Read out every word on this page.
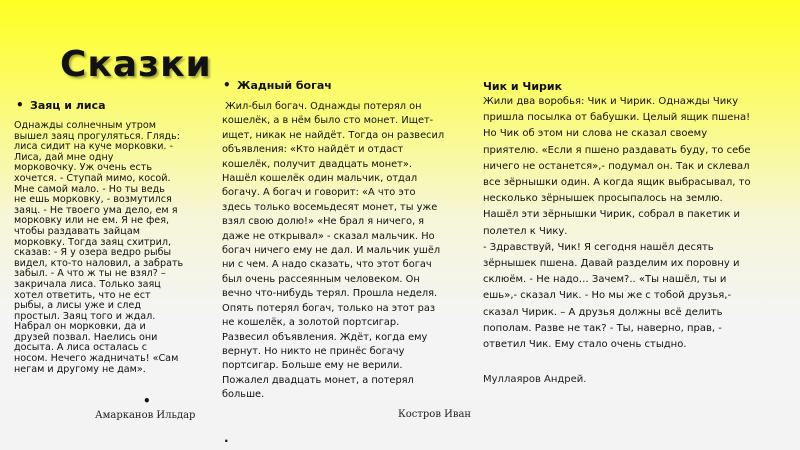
Сказки
• Заяц и лиса

Однажды солнечным утром
вышел заяц прогуляться. Глядь:
лиса сидит на куче морковки. -
Лиса, дай мне одну
морковочку. Уж очень есть
хочется. - Ступай мимо, косой.
Мне самой мало. - Но ты ведь
не ешь морковку, - возмутился
заяц. - Не твоего ума дело, ем я
морковку или не ем. Я не фея,
чтобы раздавать зайцам
морковку. Тогда заяц схитрил,
сказав: - Я у озера ведро рыбы
видел, кто-то наловил, а забрать
забыл. - А что ж ты не взял? –
закричала лиса. Только заяц
хотел ответить, что не ест
рыбы, а лисы уже и след
простыл. Заяц того и ждал.
Набрал он морковки, да и
друзей позвал. Наелись они
досыта. А лиса осталась с
носом. Нечего жадничать! «Сам
негам и другому не дам».

•
Амарканов Ильдар
• Жадный богач

Жил-был богач. Однажды потерял он
кошелёк, а в нём было сто монет. Ищет-
ищет, никак не найдёт. Тогда он развесил
объявления: «Кто найдёт и отдаст
кошелёк, получит двадцать монет».
Нашёл кошелёк один мальчик, отдал
богачу. А богач и говорит: «А что это
здесь только восемьдесят монет, ты уже
взял свою долю!» «Не брал я ничего, я
даже не открывал» - сказал мальчик. Но
богач ничего ему не дал. И мальчик ушёл
ни с чем. А надо сказать, что этот богач
был очень рассеянным человеком. Он
вечно что-нибудь терял. Прошла неделя.
Опять потерял богач, только на этот раз
не кошелёк, а золотой портсигар.
Развесил объявления. Ждёт, когда ему
вернут. Но никто не принёс богачу
портсигар. Больше ему не верили.
Пожалел двадцать монет, а потерял
больше.

Костров Иван
.
Чик и Чирик

Жили два воробья: Чик и Чирик. Однажды Чику
пришла посылка от бабушки. Целый ящик пшена!
Но Чик об этом ни слова не сказал своему
приятелю. «Если я пшено раздавать буду, то себе
ничего не останется»,- подумал он. Так и склевал
все зёрнышки один. А когда ящик выбрасывал, то
несколько зёрнышек просыпалось на землю.
Нашёл эти зёрнышки Чирик, собрал в пакетик и
полетел к Чику.
- Здравствуй, Чик! Я сегодня нашёл десять
зёрнышек пшена. Давай разделим их поровну и
склюём. - Не надо… Зачем?.. «Ты нашёл, ты и
ешь»,- сказал Чик. - Но мы же с тобой друзья,-
сказал Чирик. – А друзья должны всё делить
пополам. Разве не так? - Ты, наверно, прав, -
ответил Чик. Ему стало очень стыдно.

Муллаяров Андрей.
